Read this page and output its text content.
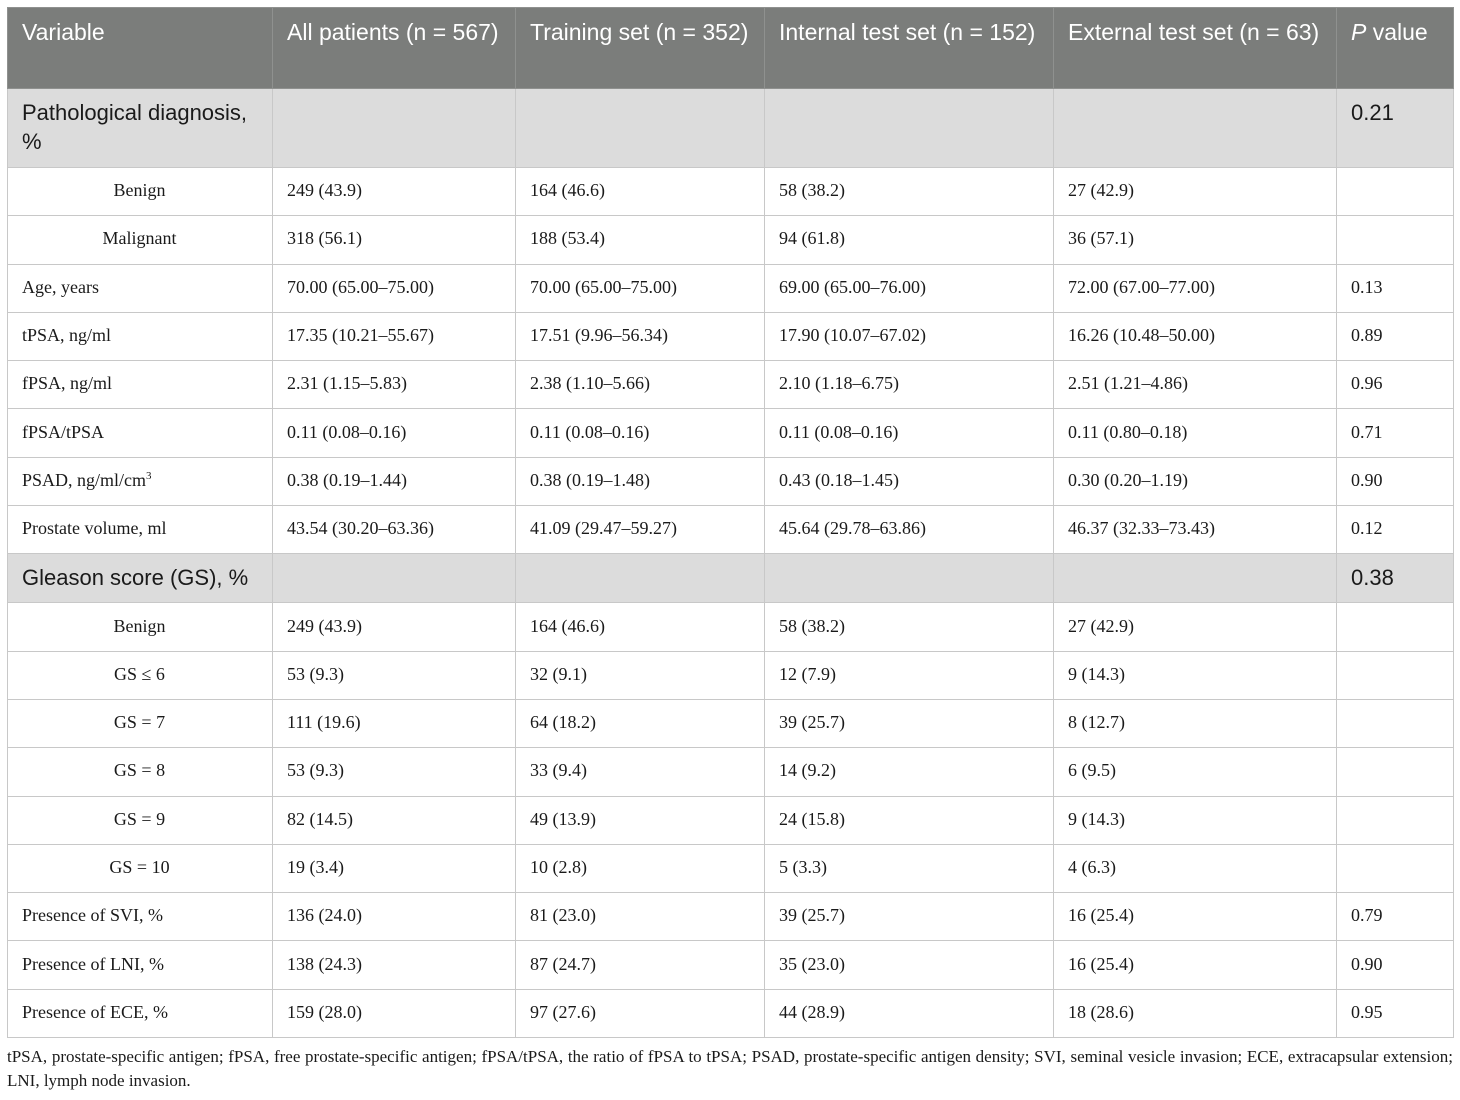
Variable	All patients (n = 567)	Training set (n = 352)	Internal test set (n = 152)	External test set (n = 63)	P value
Pathological diagnosis, %					0.21
Benign	249 (43.9)	164 (46.6)	58 (38.2)	27 (42.9)	
Malignant	318 (56.1)	188 (53.4)	94 (61.8)	36 (57.1)	
Age, years	70.00 (65.00–75.00)	70.00 (65.00–75.00)	69.00 (65.00–76.00)	72.00 (67.00–77.00)	0.13
tPSA, ng/ml	17.35 (10.21–55.67)	17.51 (9.96–56.34)	17.90 (10.07–67.02)	16.26 (10.48–50.00)	0.89
fPSA, ng/ml	2.31 (1.15–5.83)	2.38 (1.10–5.66)	2.10 (1.18–6.75)	2.51 (1.21–4.86)	0.96
fPSA/tPSA	0.11 (0.08–0.16)	0.11 (0.08–0.16)	0.11 (0.08–0.16)	0.11 (0.80–0.18)	0.71
PSAD, $ng/ml/cm^3$	0.38 (0.19–1.44)	0.38 (0.19–1.48)	0.43 (0.18–1.45)	0.30 (0.20–1.19)	0.90
Prostate volume, ml	43.54 (30.20–63.36)	41.09 (29.47–59.27)	45.64 (29.78–63.86)	46.37 (32.33–73.43)	0.12
Gleason score (GS), %					0.38
Benign	249 (43.9)	164 (46.6)	58 (38.2)	27 (42.9)	
GS ≤ 6	53 (9.3)	32 (9.1)	12 (7.9)	9 (14.3)	
GS = 7	111 (19.6)	64 (18.2)	39 (25.7)	8 (12.7)	
GS = 8	53 (9.3)	33 (9.4)	14 (9.2)	6 (9.5)	
GS = 9	82 (14.5)	49 (13.9)	24 (15.8)	9 (14.3)	
GS = 10	19 (3.4)	10 (2.8)	5 (3.3)	4 (6.3)	
Presence of SVI, %	136 (24.0)	81 (23.0)	39 (25.7)	16 (25.4)	0.79
Presence of LNI, %	138 (24.3)	87 (24.7)	35 (23.0)	16 (25.4)	0.90
Presence of ECE, %	159 (28.0)	97 (27.6)	44 (28.9)	18 (28.6)	0.95
tPSA, prostate-specific antigen; fPSA, free prostate-specific antigen; fPSA/tPSA, the ratio of fPSA to tPSA; PSAD, prostate-specific antigen density; SVI, seminal vesicle invasion; ECE, extracapsular extension; LNI, lymph node invasion.
